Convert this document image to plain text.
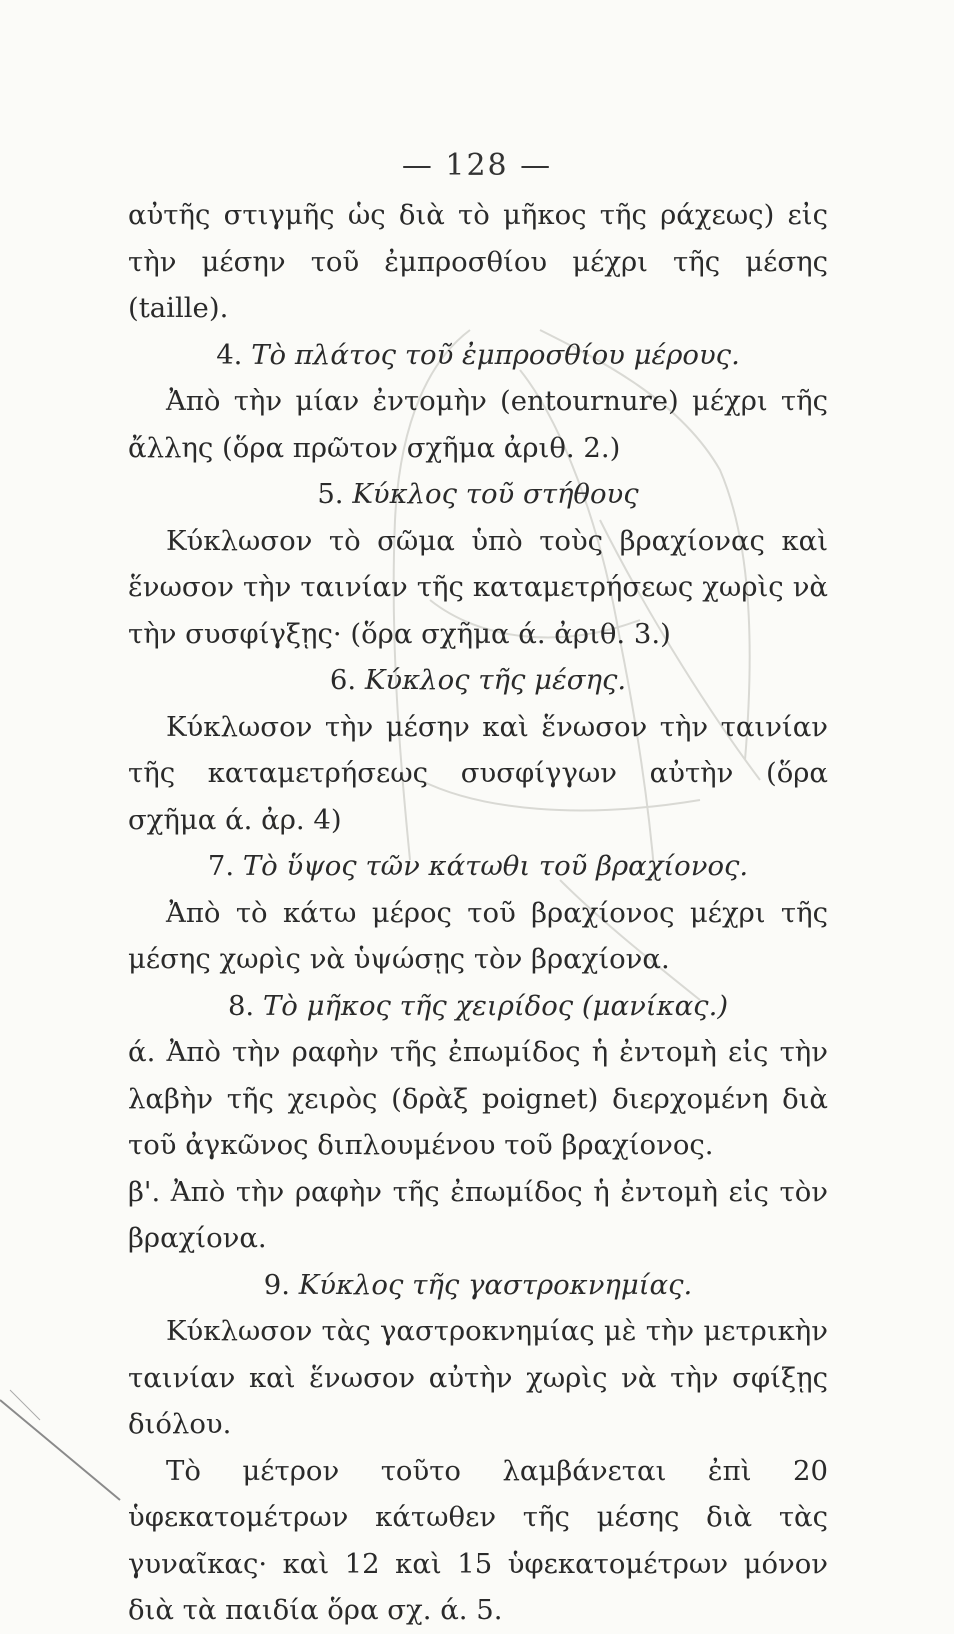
— 128 —

αὐτῆς στιγμῆς ὡς διὰ τὸ μῆκος τῆς ράχεως) εἰς τὴν μέσην τοῦ ἐμπροσθίου μέχρι τῆς μέσης (taille).

4. Τὸ πλάτος τοῦ ἐμπροσθίου μέρους.

Ἀπὸ τὴν μίαν ἐντομὴν (entournure) μέχρι τῆς ἄλλης (ὅρα πρῶτον σχῆμα ἀριθ. 2.)

5. Κύκλος τοῦ στήθους

Κύκλωσον τὸ σῶμα ὑπὸ τοὺς βραχίονας καὶ ἕνωσον τὴν ταινίαν τῆς καταμετρήσεως χωρὶς νὰ τὴν συσφίγξῃς· (ὅρα σχῆμα ά. ἀριθ. 3.)

6. Κύκλος τῆς μέσης.

Κύκλωσον τὴν μέσην καὶ ἕνωσον τὴν ταινίαν τῆς καταμετρήσεως συσφίγγων αὐτὴν (ὅρα σχῆμα ά. ἀρ. 4)

7. Τὸ ὕψος τῶν κάτωθι τοῦ βραχίονος.

Ἀπὸ τὸ κάτω μέρος τοῦ βραχίονος μέχρι τῆς μέσης χωρὶς νὰ ὑψώσῃς τὸν βραχίονα.

8. Τὸ μῆκος τῆς χειρίδος (μανίκας.)

ά. Ἀπὸ τὴν ραφὴν τῆς ἐπωμίδος ἡ ἐντομὴ εἰς τὴν λαβὴν τῆς χειρὸς (δρὰξ poignet) διερχομένη διὰ τοῦ ἀγκῶνος διπλουμένου τοῦ βραχίονος.

β'. Ἀπὸ τὴν ραφὴν τῆς ἐπωμίδος ἡ ἐντομὴ εἰς τὸν βραχίονα.

9. Κύκλος τῆς γαστροκνημίας.

Κύκλωσον τὰς γαστροκνημίας μὲ τὴν μετρικὴν ταινίαν καὶ ἕνωσον αὐτὴν χωρὶς νὰ τὴν σφίξῃς διόλου.

Τὸ μέτρον τοῦτο λαμβάνεται ἐπὶ 20 ὑφεκατομέτρων κάτωθεν τῆς μέσης διὰ τὰς γυναῖκας· καὶ 12 καὶ 15 ὑφεκατομέτρων μόνον διὰ τὰ παιδία ὅρα σχ. ά. 5.
